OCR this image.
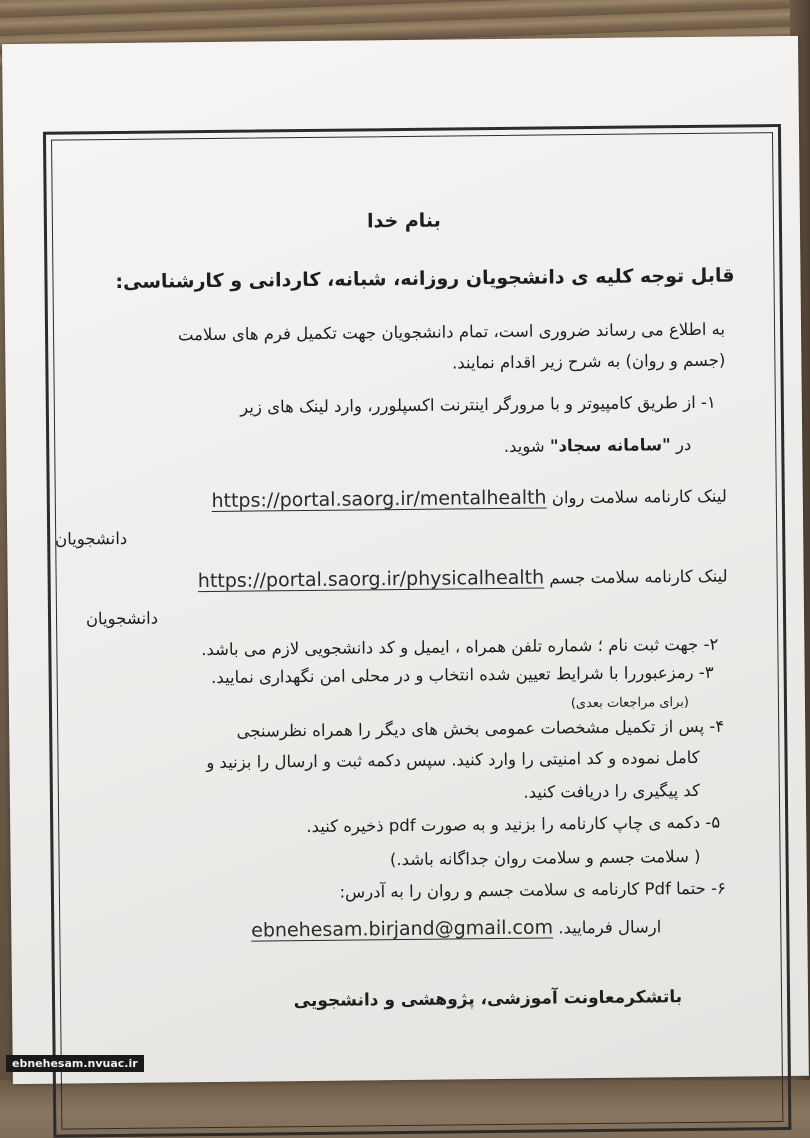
بنام خدا
قابل توجه کلیه ی دانشجویان روزانه، شبانه، کاردانی و کارشناسی:
به اطلاع می رساند ضروری است، تمام دانشجویان جهت تکمیل فرم های سلامت
(جسم و روان) به شرح زیر اقدام نمایند.
۱- از طریق کامپیوتر و با مرورگر اینترنت اکسپلورر، وارد لینک های زیر
در "سامانه سجاد" شوید.
لینک کارنامه سلامت روان https://portal.saorg.ir/mentalhealth
دانشجویان
لینک کارنامه سلامت جسم https://portal.saorg.ir/physicalhealth
دانشجویان
۲- جهت ثبت نام ؛ شماره تلفن همراه ، ایمیل و کد دانشجویی لازم می باشد.
۳- رمزعبوررا با شرایط تعیین شده انتخاب و در محلی امن نگهداری نمایید.
(برای مراجعات بعدی)
۴- پس از تکمیل مشخصات عمومی بخش های دیگر را همراه نظرسنجی
کامل نموده و کد امنیتی را وارد کنید. سپس دکمه ثبت و ارسال را بزنید و
کد پیگیری را دریافت کنید.
۵- دکمه ی چاپ کارنامه را بزنید و به صورت pdf ذخیره کنید.
( سلامت جسم و سلامت روان جداگانه باشد.)
۶- حتما Pdf کارنامه ی سلامت جسم و روان را به آدرس:
ارسال فرمایید. ebnehesam.birjand@gmail.com
باتشکرمعاونت آموزشی، پژوهشی و دانشجویی
ebnehesam.nvuac.ir
